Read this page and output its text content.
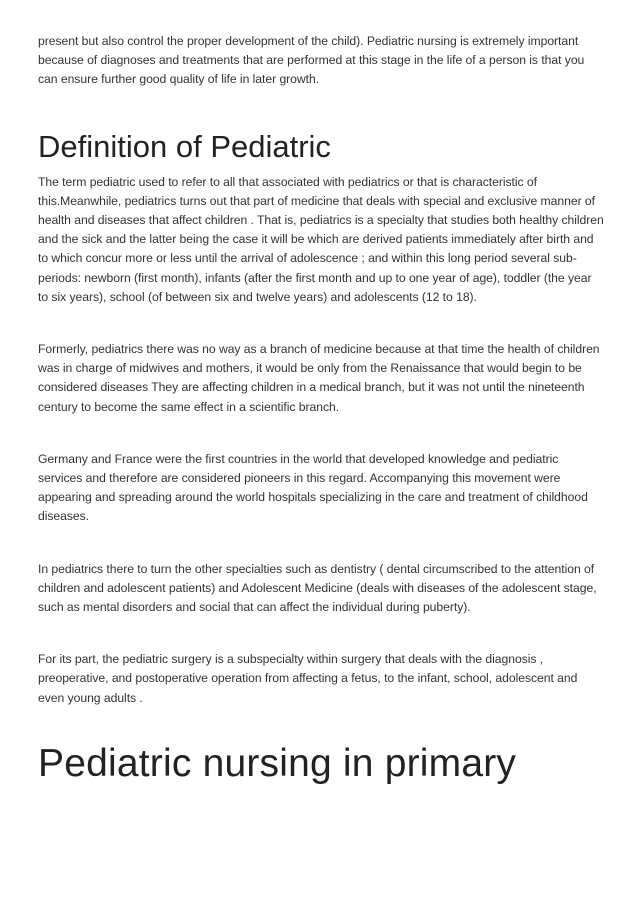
present but also control the proper development of the child). Pediatric nursing is extremely important because of diagnoses and treatments that are performed at this stage in the life of a person is that you can ensure further good quality of life in later growth.

Definition of Pediatric

The term pediatric used to refer to all that associated with pediatrics or that is characteristic of this.Meanwhile, pediatrics turns out that part of medicine that deals with special and exclusive manner of health and diseases that affect children . That is, pediatrics is a specialty that studies both healthy children and the sick and the latter being the case it will be which are derived patients immediately after birth and to which concur more or less until the arrival of adolescence ; and within this long period several sub-periods: newborn (first month), infants (after the first month and up to one year of age), toddler (the year to six years), school (of between six and twelve years) and adolescents (12 to 18).

Formerly, pediatrics there was no way as a branch of medicine because at that time the health of children was in charge of midwives and mothers, it would be only from the Renaissance that would begin to be considered diseases They are affecting children in a medical branch, but it was not until the nineteenth century to become the same effect in a scientific branch.

Germany and France were the first countries in the world that developed knowledge and pediatric services and therefore are considered pioneers in this regard. Accompanying this movement were appearing and spreading around the world hospitals specializing in the care and treatment of childhood diseases.

In pediatrics there to turn the other specialties such as dentistry ( dental circumscribed to the attention of children and adolescent patients) and Adolescent Medicine (deals with diseases of the adolescent stage, such as mental disorders and social that can affect the individual during puberty).

For its part, the pediatric surgery is a subspecialty within surgery that deals with the diagnosis , preoperative, and postoperative operation from affecting a fetus, to the infant, school, adolescent and even young adults .

Pediatric nursing in primary
